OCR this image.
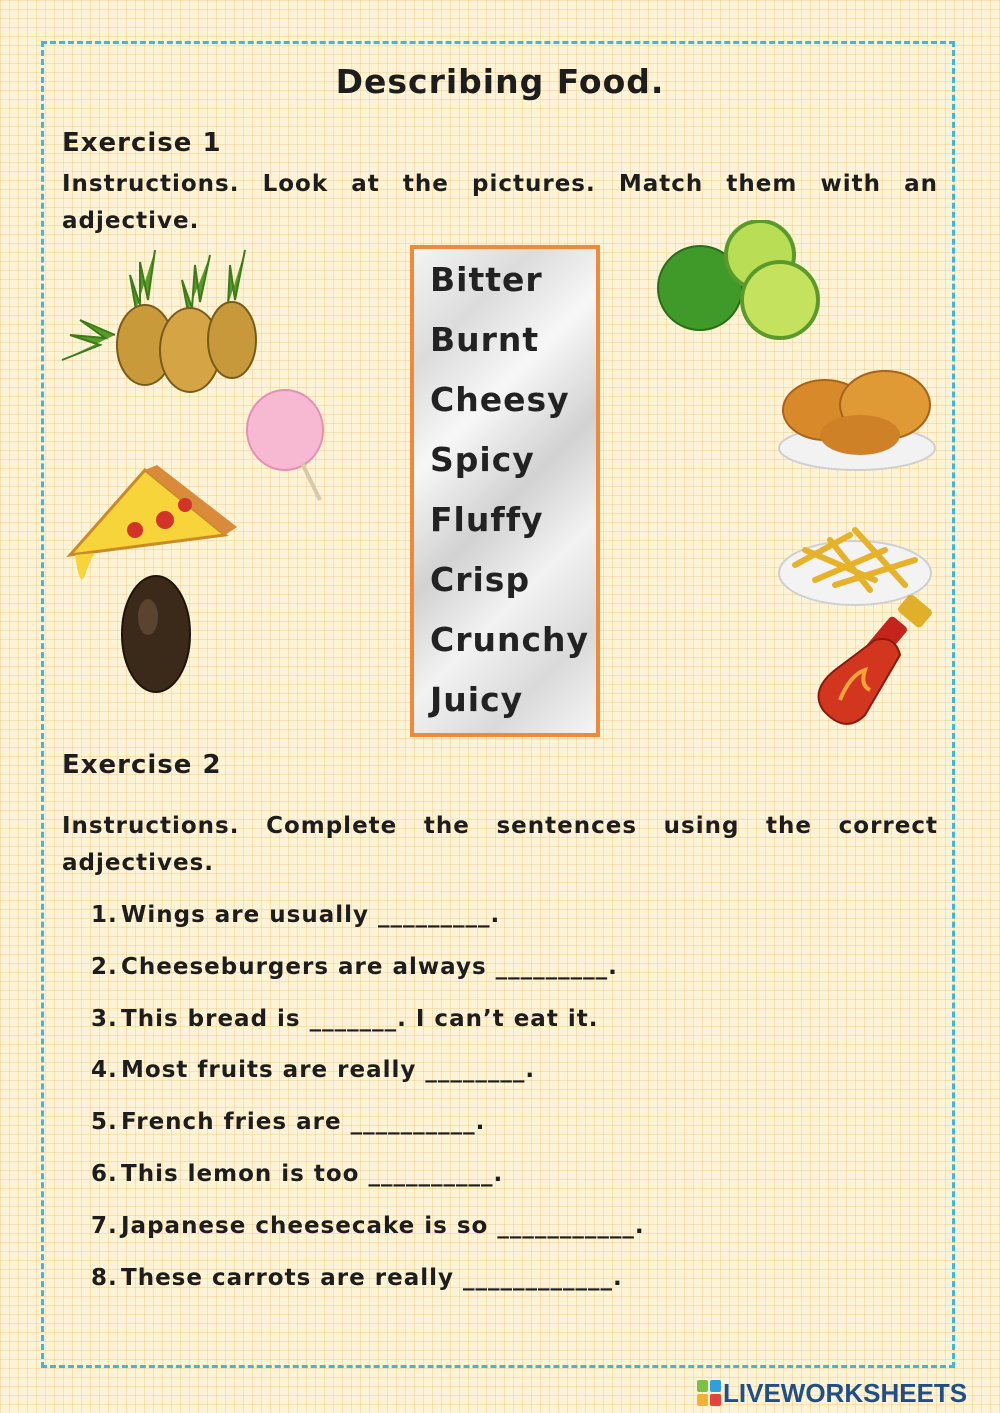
Describing Food.
Exercise 1
Instructions. Look at the pictures. Match them with an adjective.
Bitter
Burnt
Cheesy
Spicy
Fluffy
Crisp
Crunchy
Juicy
Exercise 2
Instructions. Complete the sentences using the correct adjectives.
1. Wings are usually _________.
2. Cheeseburgers are always _________.
3. This bread is _______. I can’t eat it.
4. Most fruits are really ________.
5. French fries are __________.
6. This lemon is too __________.
7. Japanese cheesecake is so ___________.
8. These carrots are really ____________.
LIVEWORKSHEETS
